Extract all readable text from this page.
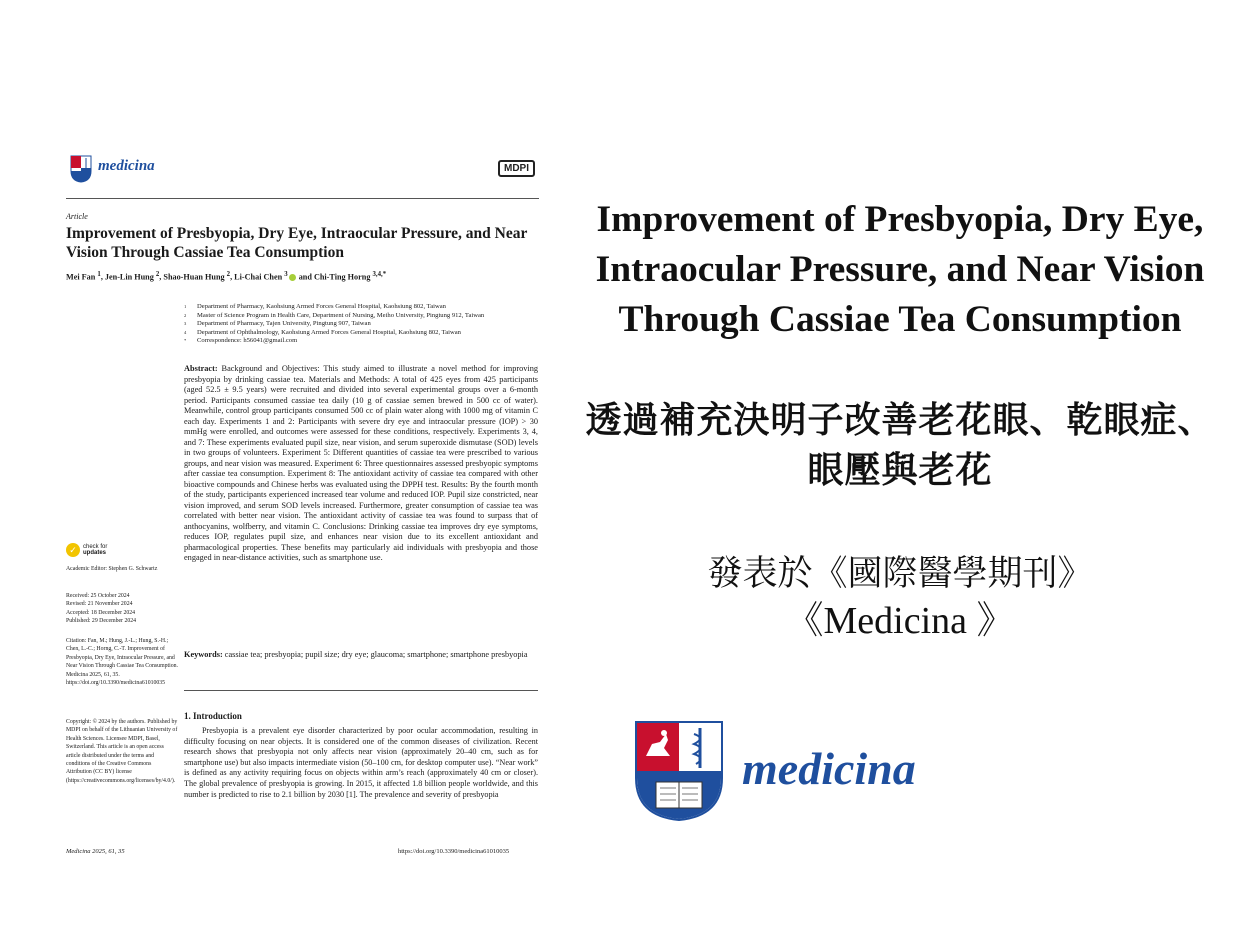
medicina	MDPI
Article
Improvement of Presbyopia, Dry Eye, Intraocular Pressure, and Near Vision Through Cassiae Tea Consumption
Mei Fan $^1$, Jen-Lin Hung $^2$, Shao-Huan Hung $^2$, Li-Chai Chen $^3$ and Chi-Ting Horng $^{3,4,*}$
$^1$ Department of Pharmacy, Kaohsiung Armed Forces General Hospital, Kaohsiung 802, Taiwan
$^2$ Master of Science Program in Health Care, Department of Nursing, Meiho University, Pingtung 912, Taiwan
$^3$ Department of Pharmacy, Tajen University, Pingtung 907, Taiwan
$^4$ Department of Ophthalmology, Kaohsiung Armed Forces General Hospital, Kaohsiung 802, Taiwan
* Correspondence: h56041@gmail.com
Abstract: Background and Objectives: This study aimed to illustrate a novel method for improving presbyopia by drinking cassiae tea. Materials and Methods: A total of 425 eyes from 425 participants (aged 52.5 ± 9.5 years) were recruited and divided into several experimental groups over a 6-month period. Participants consumed cassiae tea daily (10 g of cassiae semen brewed in 500 cc of water). Meanwhile, control group participants consumed 500 cc of plain water along with 1000 mg of vitamin C each day. Experiments 1 and 2: Participants with severe dry eye and intraocular pressure (IOP) > 30 mmHg were enrolled, and outcomes were assessed for these conditions, respectively. Experiments 3, 4, and 7: These experiments evaluated pupil size, near vision, and serum superoxide dismutase (SOD) levels in two groups of volunteers. Experiment 5: Different quantities of cassiae tea were prescribed to various groups, and near vision was measured. Experiment 6: Three questionnaires assessed presbyopic symptoms after cassiae tea consumption. Experiment 8: The antioxidant activity of cassiae tea compared with other bioactive compounds and Chinese herbs was evaluated using the DPPH test. Results: By the fourth month of the study, participants experienced increased tear volume and reduced IOP. Pupil size constricted, near vision improved, and serum SOD levels increased. Furthermore, greater consumption of cassiae tea was correlated with better near vision. The antioxidant activity of cassiae tea was found to surpass that of anthocyanins, wolfberry, and vitamin C. Conclusions: Drinking cassiae tea improves dry eye symptoms, reduces IOP, regulates pupil size, and enhances near vision due to its excellent antioxidant and pharmacological properties. These benefits may particularly aid individuals with presbyopia and those engaged in near-distance activities, such as smartphone use.
Keywords: cassiae tea; presbyopia; pupil size; dry eye; glaucoma; smartphone; smartphone presbyopia
1. Introduction
Presbyopia is a prevalent eye disorder characterized by poor ocular accommodation, resulting in difficulty focusing on near objects. It is considered one of the common diseases of civilization. Recent research shows that presbyopia not only affects near vision (approximately 20–40 cm, such as for smartphone use) but also impacts intermediate vision (50–100 cm, for desktop computer use). “Near work” is defined as any activity requiring focus on objects within arm’s reach (approximately 40 cm or closer). The global prevalence of presbyopia is growing. In 2015, it affected 1.8 billion people worldwide, and this number is predicted to rise to 2.1 billion by 2030 [1]. The prevalence and severity of presbyopia
✓	check for
updates
Academic Editor: Stephen G. Schwartz
Received: 25 October 2024
Revised: 21 November 2024
Accepted: 18 December 2024
Published: 29 December 2024
Citation: Fan, M.; Hung, J.-L.; Hung, S.-H.; Chen, L.-C.; Horng, C.-T. Improvement of Presbyopia, Dry Eye, Intraocular Pressure, and Near Vision Through Cassiae Tea Consumption. Medicina 2025, 61, 35. https://doi.org/10.3390/medicina61010035
Copyright: © 2024 by the authors. Published by MDPI on behalf of the Lithuanian University of Health Sciences. Licensee MDPI, Basel, Switzerland. This article is an open access article distributed under the terms and conditions of the Creative Commons Attribution (CC BY) license (https://creativecommons.org/licenses/by/4.0/).
Medicina 2025, 61, 35	https://doi.org/10.3390/medicina61010035
Improvement of Presbyopia, Dry Eye, Intraocular Pressure, and Near Vision Through Cassiae Tea Consumption
透過補充決明子改善老花眼、乾眼症、眼壓與老花
發表於《國際醫學期刊》
《Medicina 》
medicina
